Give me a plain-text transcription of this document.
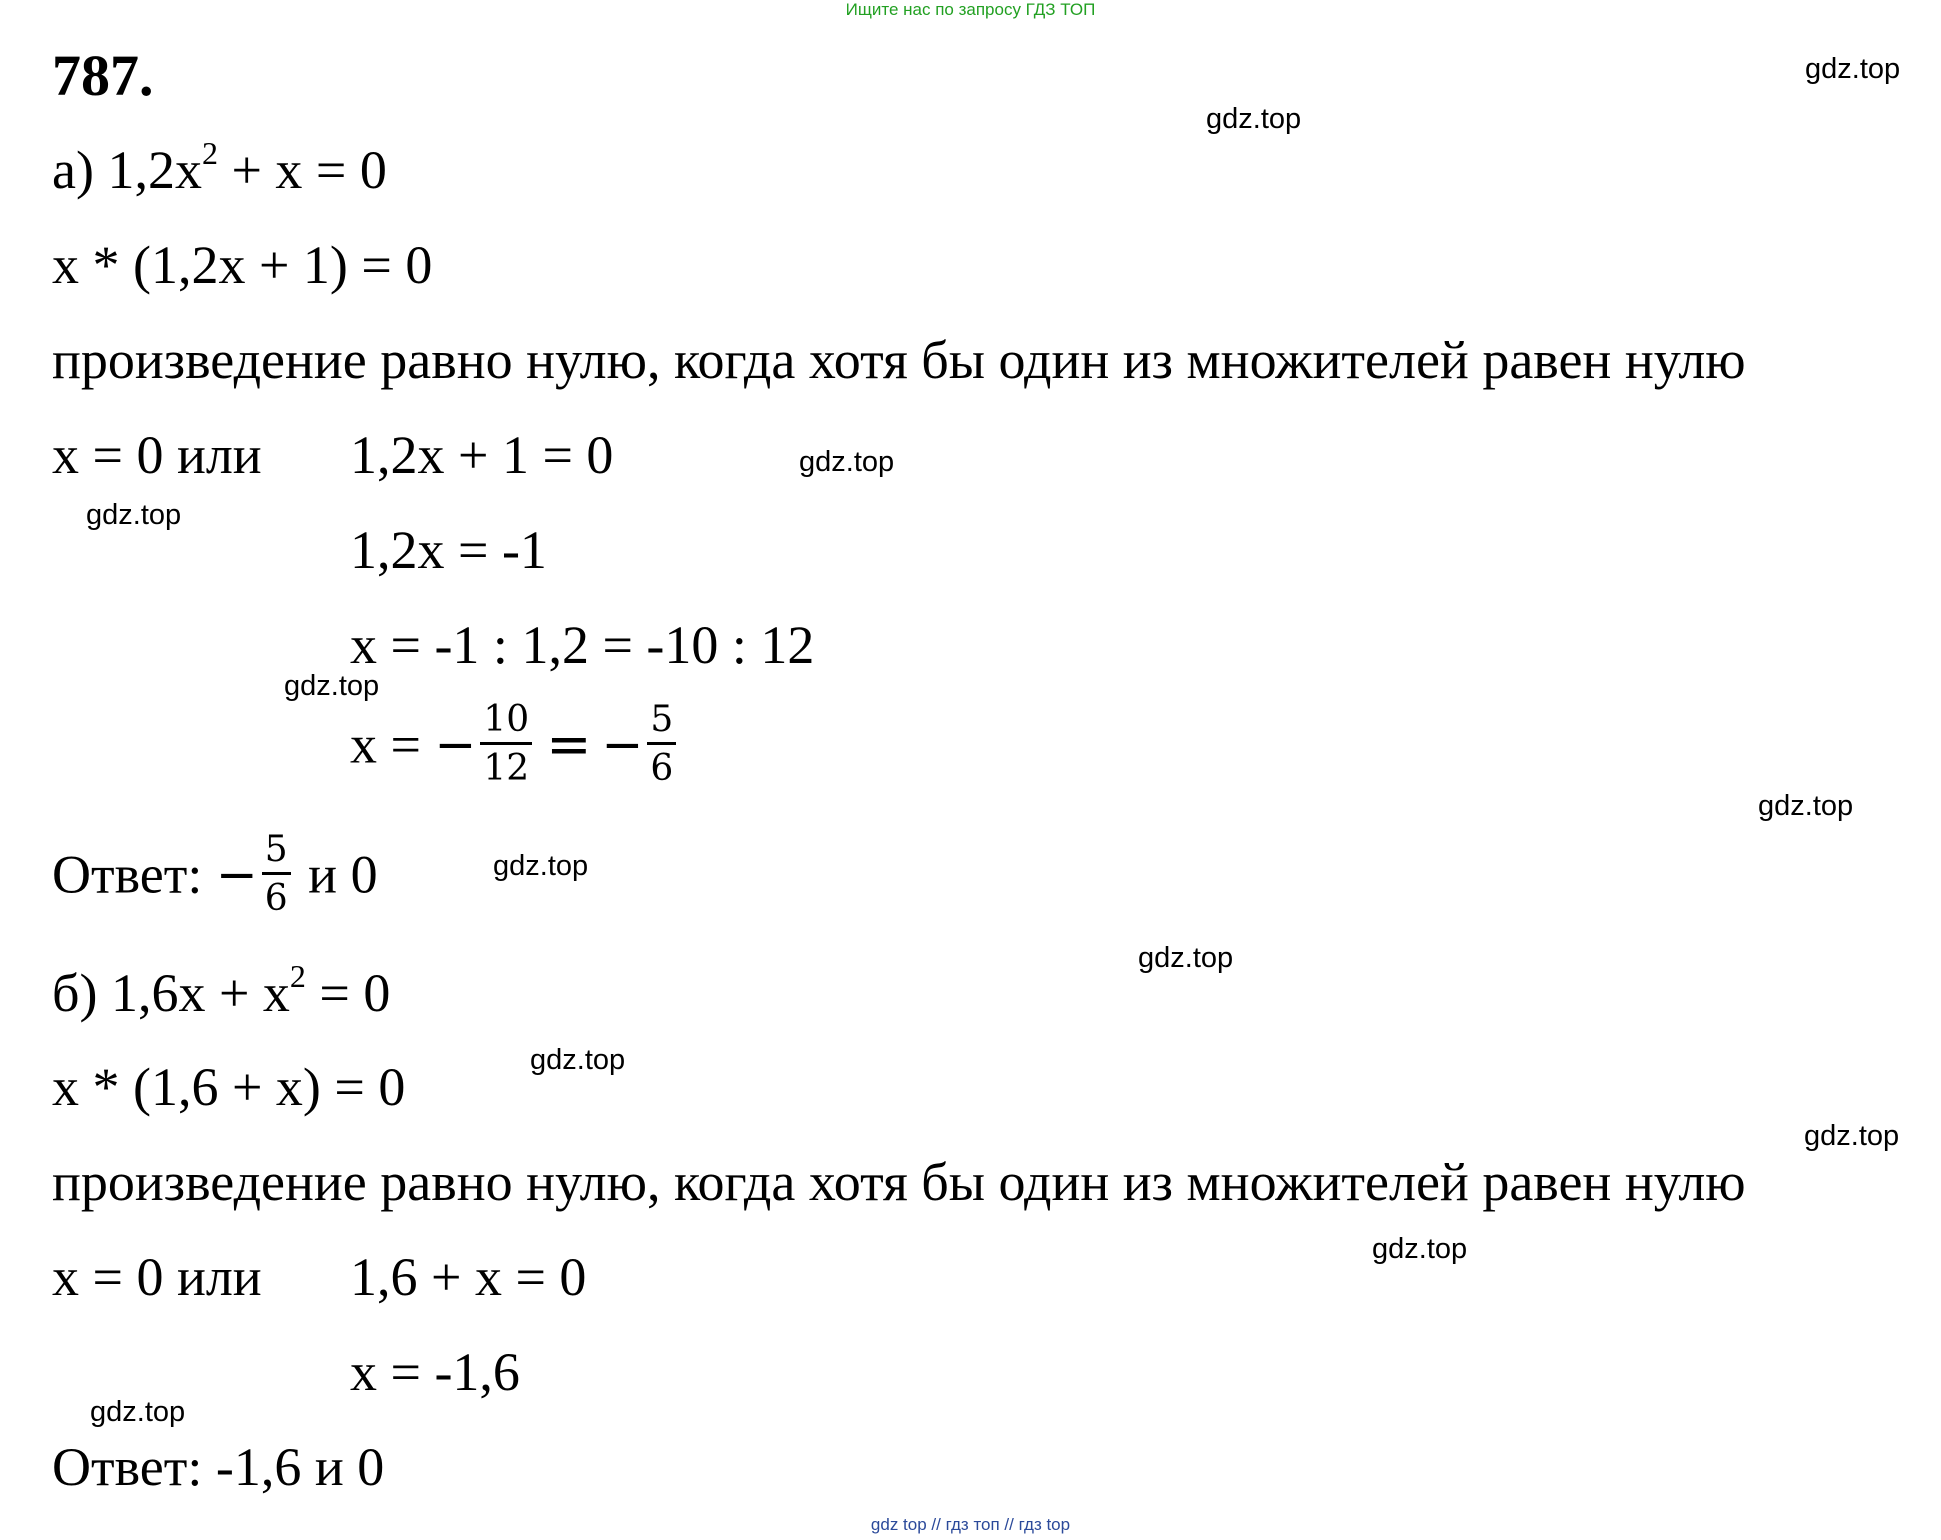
Ищите нас по запросу ГДЗ ТОП
gdz top // гдз топ // гдз top
787.	gdz.top
gdz.top
gdz.top
gdz.top
gdz.top
gdz.top
gdz.top
gdz.top
gdz.top
gdz.top
gdz.top
gdz.top
а) $1,2x^2 + x = 0$
x * (1,2x + 1) = 0
произведение равно нулю, когда хотя бы один из множителей равен нулю
x = 0 или 1,2x + 1 = 0
1,2x = -1
x = -1 : 1,2 = -10 : 12
x = − $\frac{10}{12}$ = − $\frac{5}{6}$
Ответ: − $\frac{5}{6}$ и 0
б) $1,6x + x^2 = 0$
x * (1,6 + x) = 0
произведение равно нулю, когда хотя бы один из множителей равен нулю
x = 0 или 1,6 + x = 0
x = -1,6
Ответ: -1,6 и 0
